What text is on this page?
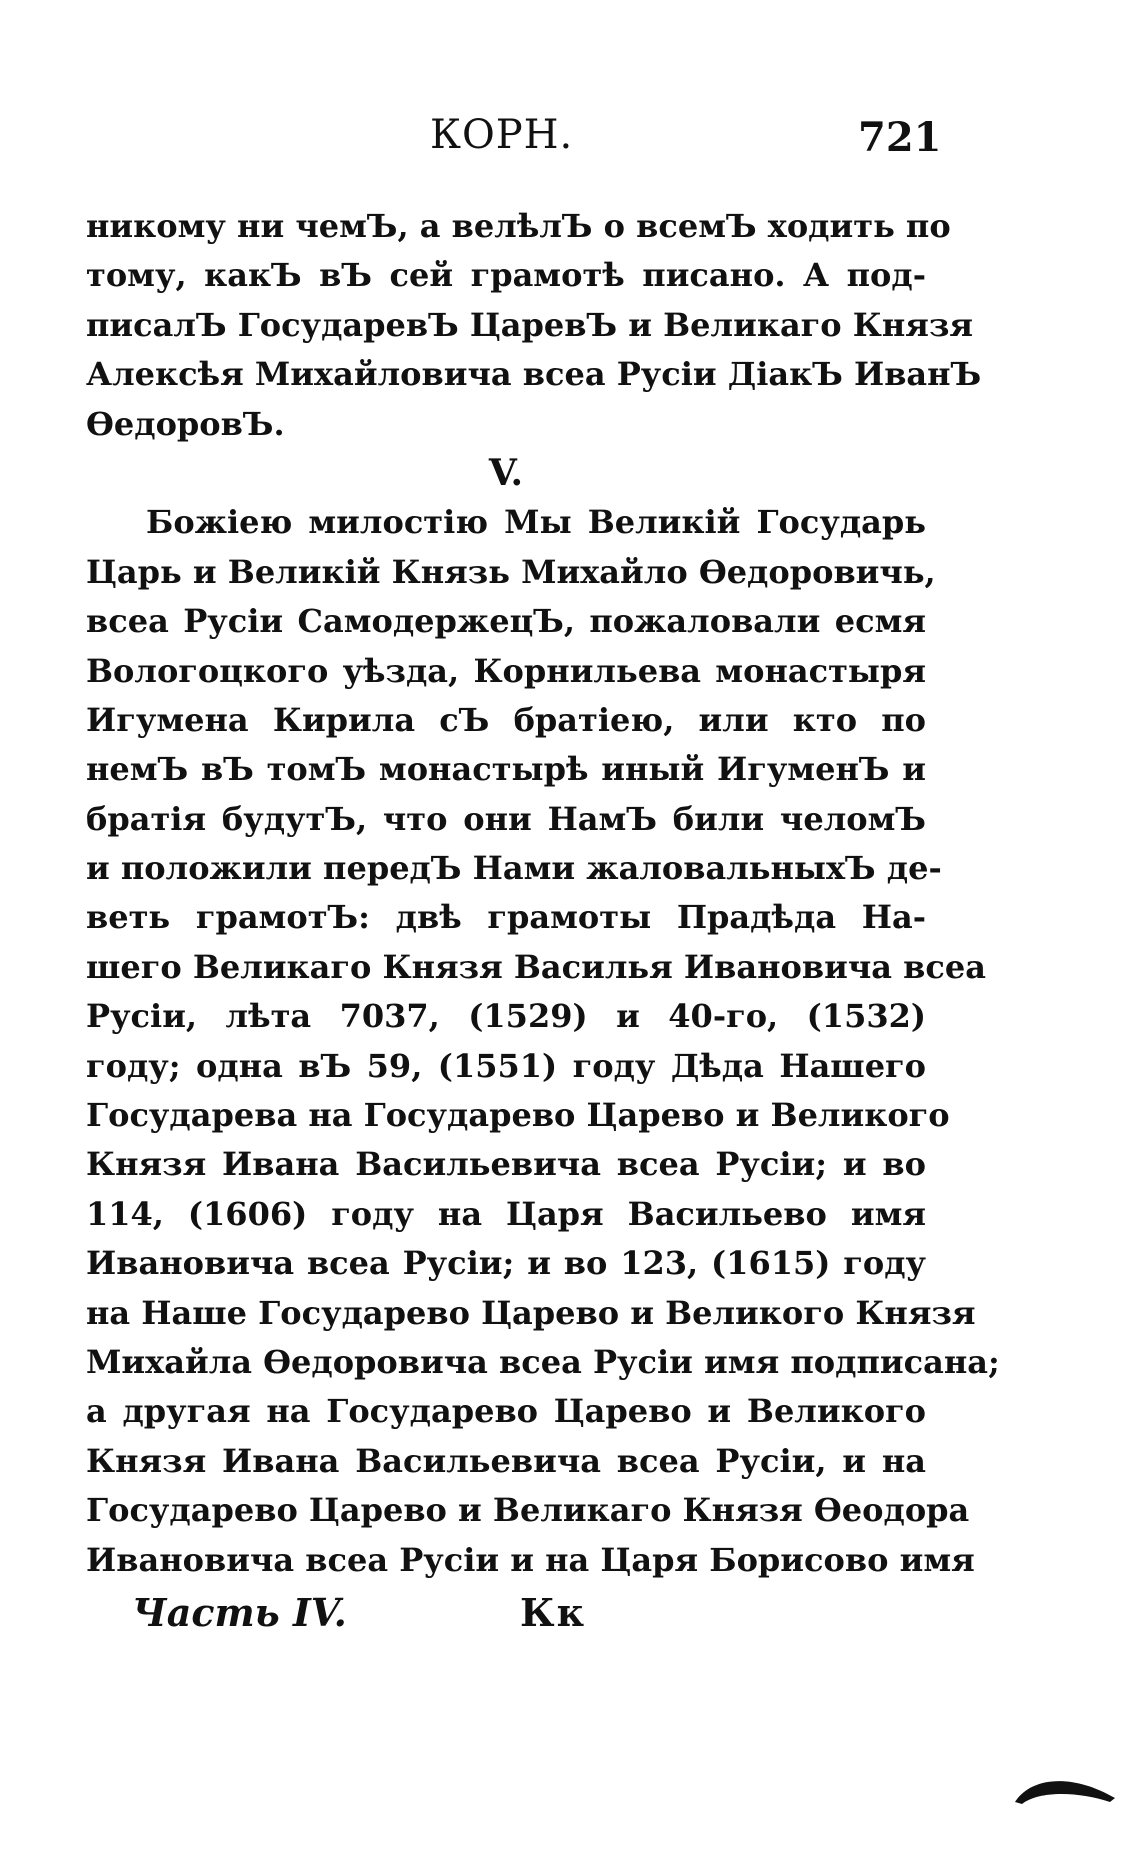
КОРН.	721
никому ни чемЪ, а велѣлЪ о всемЪ ходить по
тому, какЪ вЪ сей грамотѣ писано. А под-
писалЪ ГосударевЪ ЦаревЪ и Великаго Князя
Алексѣя Михайловича всеа Русіи ДіакЪ ИванЪ
ѲедоровЪ.
V.
Божіею милостію Мы Великій Государь
Царь и Великій Князь Михайло Ѳедоровичь,
всеа Русіи СамодержецЪ, пожаловали есмя
Вологоцкого уѣзда, Корнильева монастыря
Игумена Кирила сЪ братіею, или кто по
немЪ вЪ томЪ монастырѣ иный ИгуменЪ и
братія будутЪ, что они НамЪ били челомЪ
и положили передЪ Нами жаловальныхЪ де-
веть грамотЪ: двѣ грамоты Прадѣда На-
шего Великаго Князя Василья Ивановича всеа
Русіи, лѣта 7037, (1529) и 40-го, (1532)
году; одна вЪ 59, (1551) году Дѣда Нашего
Государева на Государево Царево и Великого
Князя Ивана Васильевича всеа Русіи; и во
114, (1606) году на Царя Васильево имя
Ивановича всеа Русіи; и во 123, (1615) году
на Наше Государево Царево и Великого Князя
Михайла Ѳедоровича всеа Русіи имя подписана;
а другая на Государево Царево и Великого
Князя Ивана Васильевича всеа Русіи, и на
Государево Царево и Великаго Князя Ѳеодора
Ивановича всеа Русіи и на Царя Борисово имя
Часть IV.	Кк
